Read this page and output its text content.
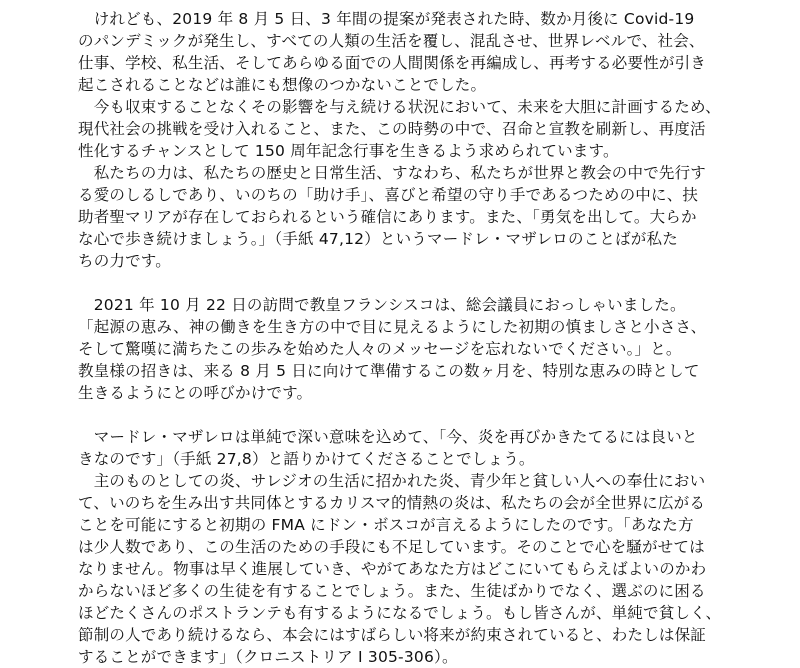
　けれども、2019 年 8 月 5 日、3 年間の提案が発表された時、数か月後に Covid-19
のパンデミックが発生し、すべての人類の生活を覆し、混乱させ、世界レベルで、社会、
仕事、学校、私生活、そしてあらゆる面での人間関係を再編成し、再考する必要性が引き
起こされることなどは誰にも想像のつかないことでした。
　今も収束することなくその影響を与え続ける状況において、未来を大胆に計画するため、
現代社会の挑戦を受け入れること、また、この時勢の中で、召命と宣教を刷新し、再度活
性化するチャンスとして 150 周年記念行事を生きるよう求められています。
　私たちの力は、私たちの歴史と日常生活、すなわち、私たちが世界と教会の中で先行す
る愛のしるしであり、いのちの「助け手」、喜びと希望の守り手であるつための中に、扶
助者聖マリアが存在しておられるという確信にあります。また、「勇気を出して。大らか
な心で歩き続けましょう。」（手紙 47,12）というマードレ・マザレロのことばが私た
ちの力です。
　2021 年 10 月 22 日の訪問で教皇フランシスコは、総会議員におっしゃいました。
「起源の恵み、神の働きを生き方の中で目に見えるようにした初期の慎ましさと小ささ、
そして驚嘆に満ちたこの歩みを始めた人々のメッセージを忘れないでください。」と。
教皇様の招きは、来る 8 月 5 日に向けて準備するこの数ヶ月を、特別な恵みの時として
生きるようにとの呼びかけです。
　マードレ・マザレロは単純で深い意味を込めて、「今、炎を再びかきたてるには良いと
きなのです」（手紙 27,8）と語りかけてくださることでしょう。
　主のものとしての炎、サレジオの生活に招かれた炎、青少年と貧しい人への奉仕におい
て、いのちを生み出す共同体とするカリスマ的情熱の炎は、私たちの会が全世界に広がる
ことを可能にすると初期の FMA にドン・ボスコが言えるようにしたのです。「あなた方
は少人数であり、この生活のための手段にも不足しています。そのことで心を騒がせては
なりません。物事は早く進展していき、やがてあなた方はどこにいてもらえばよいのかわ
からないほど多くの生徒を有することでしょう。また、生徒ばかりでなく、選ぶのに困る
ほどたくさんのポストランテも有するようになるでしょう。もし皆さんが、単純で貧しく、
節制の人であり続けるなら、本会にはすばらしい将来が約束されていると、わたしは保証
することができます」（クロニストリア I 305-306）。
